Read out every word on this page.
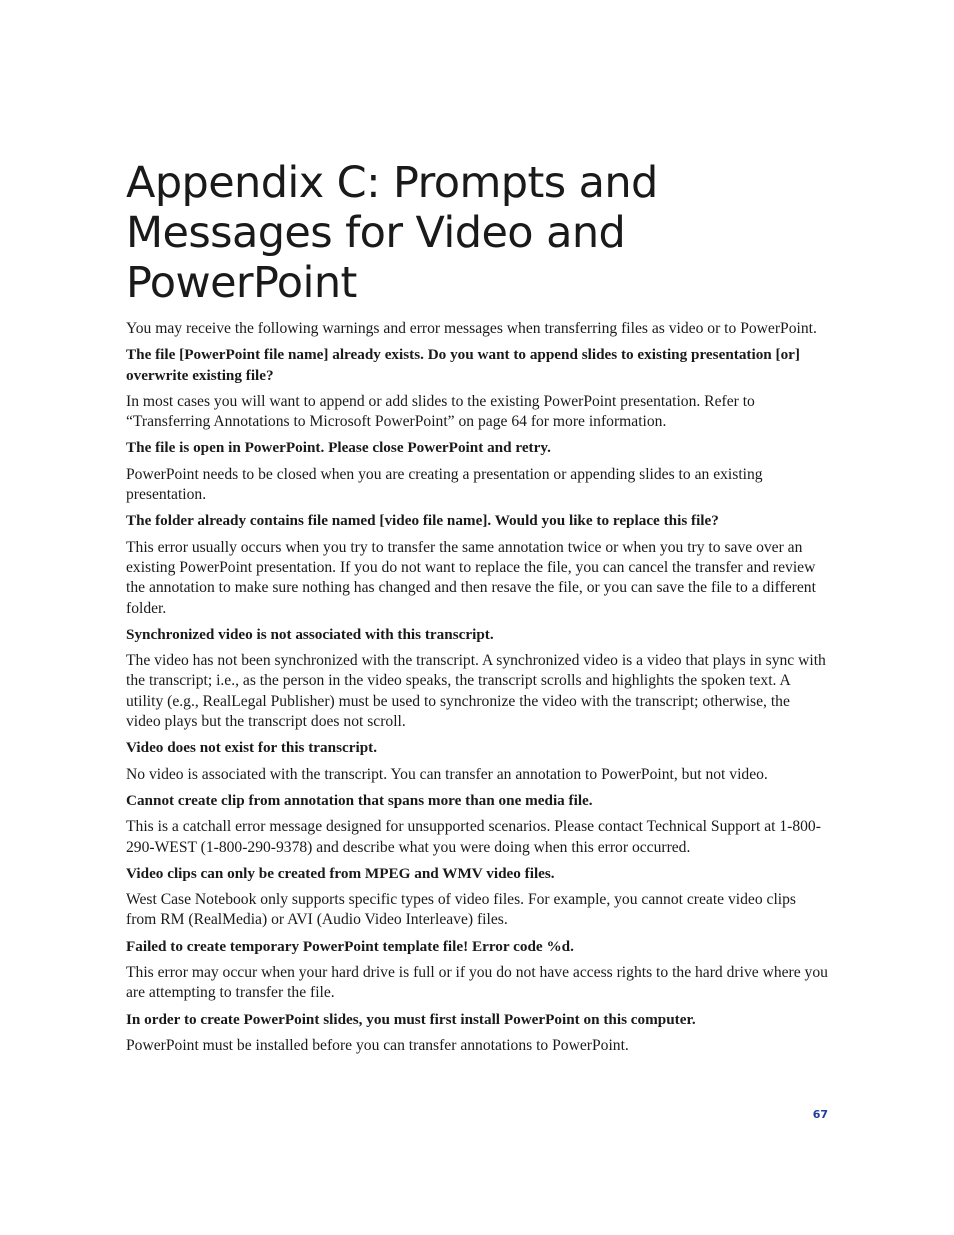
Appendix C: Prompts and
Messages for Video and PowerPoint

You may receive the following warnings and error messages when transferring files as video or to PowerPoint.

The file [PowerPoint file name] already exists. Do you want to append slides to existing presentation [or] overwrite existing file?

In most cases you will want to append or add slides to the existing PowerPoint presentation. Refer to “Transferring Annotations to Microsoft PowerPoint” on page 64 for more information.

The file is open in PowerPoint. Please close PowerPoint and retry.

PowerPoint needs to be closed when you are creating a presentation or appending slides to an existing presentation.

The folder already contains file named [video file name]. Would you like to replace this file?

This error usually occurs when you try to transfer the same annotation twice or when you try to save over an existing PowerPoint presentation. If you do not want to replace the file, you can cancel the transfer and review the annotation to make sure nothing has changed and then resave the file, or you can save the file to a different folder.

Synchronized video is not associated with this transcript.

The video has not been synchronized with the transcript. A synchronized video is a video that plays in sync with the transcript; i.e., as the person in the video speaks, the transcript scrolls and highlights the spoken text. A utility (e.g., RealLegal Publisher) must be used to synchronize the video with the transcript; otherwise, the video plays but the transcript does not scroll.

Video does not exist for this transcript.

No video is associated with the transcript. You can transfer an annotation to PowerPoint, but not video.

Cannot create clip from annotation that spans more than one media file.

This is a catchall error message designed for unsupported scenarios. Please contact Technical Support at 1-800-290-WEST (1-800-290-9378) and describe what you were doing when this error occurred.

Video clips can only be created from MPEG and WMV video files.

West Case Notebook only supports specific types of video files. For example, you cannot create video clips from RM (RealMedia) or AVI (Audio Video Interleave) files.

Failed to create temporary PowerPoint template file! Error code %d.

This error may occur when your hard drive is full or if you do not have access rights to the hard drive where you are attempting to transfer the file.

In order to create PowerPoint slides, you must first install PowerPoint on this computer.

PowerPoint must be installed before you can transfer annotations to PowerPoint.

67
